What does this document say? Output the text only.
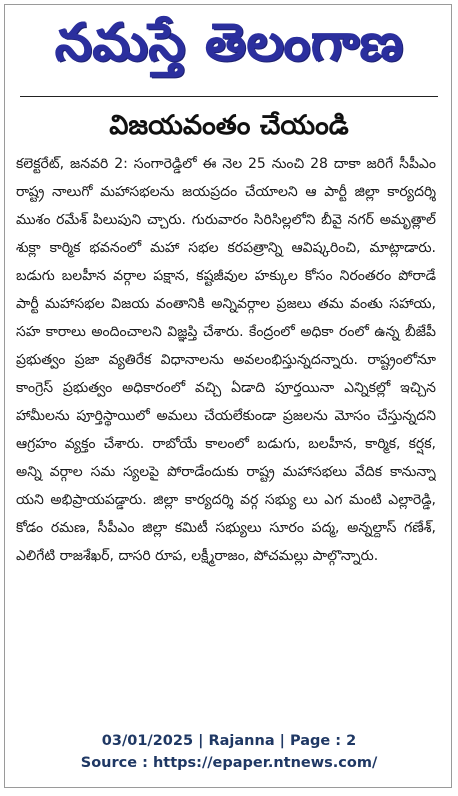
నమస్తే తెలంగాణ
విజయవంతం చేయండి

కలెక్టరేట్, జనవరి 2: సంగారెడ్డిలో ఈ నెల 25 నుంచి 28 దాకా జరిగే సీపీఎం రాష్ట్ర నాలుగో మహాసభలను జయప్రదం చేయాలని ఆ పార్టీ జిల్లా కార్యదర్శి ముశం రమేశ్ పిలుపుని చ్చారు. గురువారం సిరిసిల్లలోని బీవై నగర్ అమృత్లాల్ శుక్లా కార్మిక భవనంలో మహా సభల కరపత్రాన్ని ఆవిష్కరించి, మాట్లాడారు. బడుగు బలహీన వర్గాల పక్షాన, కష్టజీవుల హక్కుల కోసం నిరంతరం పోరాడే పార్టీ మహాసభల విజయ వంతానికి అన్నివర్గాల ప్రజలు తమ వంతు సహాయ, సహ కారాలు అందించాలని విజ్ఞప్తి చేశారు. కేంద్రంలో అధికా రంలో ఉన్న బీజేపీ ప్రభుత్వం ప్రజా వ్యతిరేక విధానాలను అవలంభిస్తున్నదన్నారు. రాష్ట్రంలోనూ కాంగ్రెస్ ప్రభుత్వం అధికారంలో వచ్చి ఏడాది పూర్తయినా ఎన్నికల్లో ఇచ్చిన హామీలను పూర్తిస్థాయిలో అమలు చేయలేకుండా ప్రజలను మోసం చేస్తున్నదని ఆగ్రహం వ్యక్తం చేశారు. రాబోయే కాలంలో బడుగు, బలహీన, కార్మిక, కర్షక, అన్ని వర్గాల సమ స్యలపై పోరాడేందుకు రాష్ట్ర మహాసభలు వేదిక కానున్నా యని అభిప్రాయపడ్డారు. జిల్లా కార్యదర్శి వర్గ సభ్యు లు ఎగ మంటి ఎల్లారెడ్డి, కోడం రమణ, సీపీఎం జిల్లా కమిటీ సభ్యులు సూరం పద్మ, అన్నల్దాస్ గణేశ్, ఎలిగేటి రాజశేఖర్, దాసరి రూప, లక్ష్మీరాజం, పోచమల్లు పాల్గొన్నారు.

03/01/2025 | Rajanna | Page : 2
Source : https://epaper.ntnews.com/
